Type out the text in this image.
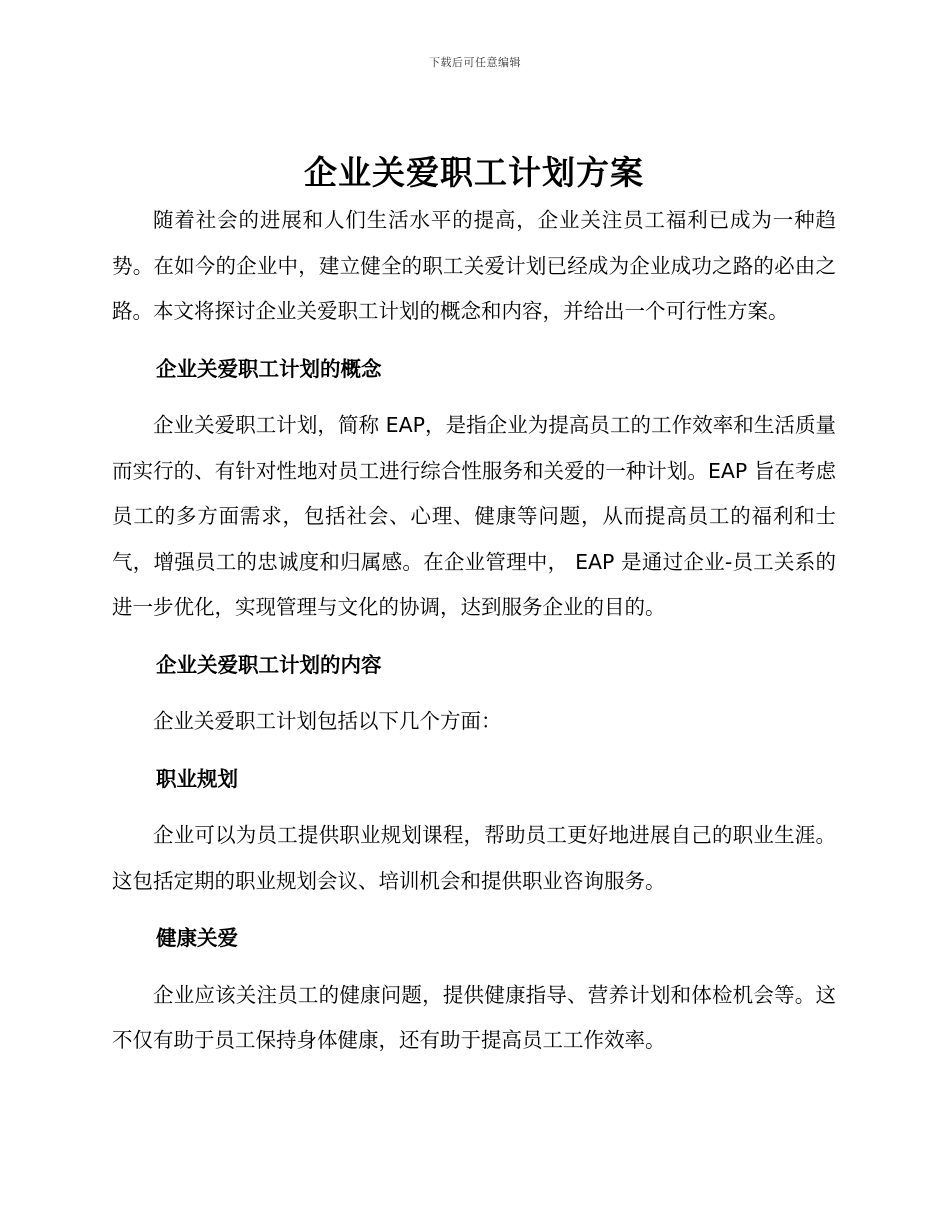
下载后可任意编辑
企业关爱职工计划方案

随着社会的进展和人们生活水平的提高，企业关注员工福利已成为一种趋势。在如今的企业中，建立健全的职工关爱计划已经成为企业成功之路的必由之路。本文将探讨企业关爱职工计划的概念和内容，并给出一个可行性方案。

企业关爱职工计划的概念

企业关爱职工计划，简称 EAP，是指企业为提高员工的工作效率和生活质量而实行的、有针对性地对员工进行综合性服务和关爱的一种计划。EAP 旨在考虑员工的多方面需求，包括社会、心理、健康等问题，从而提高员工的福利和士气，增强员工的忠诚度和归属感。在企业管理中， EAP 是通过企业-员工关系的进一步优化，实现管理与文化的协调，达到服务企业的目的。

企业关爱职工计划的内容

企业关爱职工计划包括以下几个方面：

职业规划

企业可以为员工提供职业规划课程，帮助员工更好地进展自己的职业生涯。这包括定期的职业规划会议、培训机会和提供职业咨询服务。

健康关爱

企业应该关注员工的健康问题，提供健康指导、营养计划和体检机会等。这不仅有助于员工保持身体健康，还有助于提高员工工作效率。
